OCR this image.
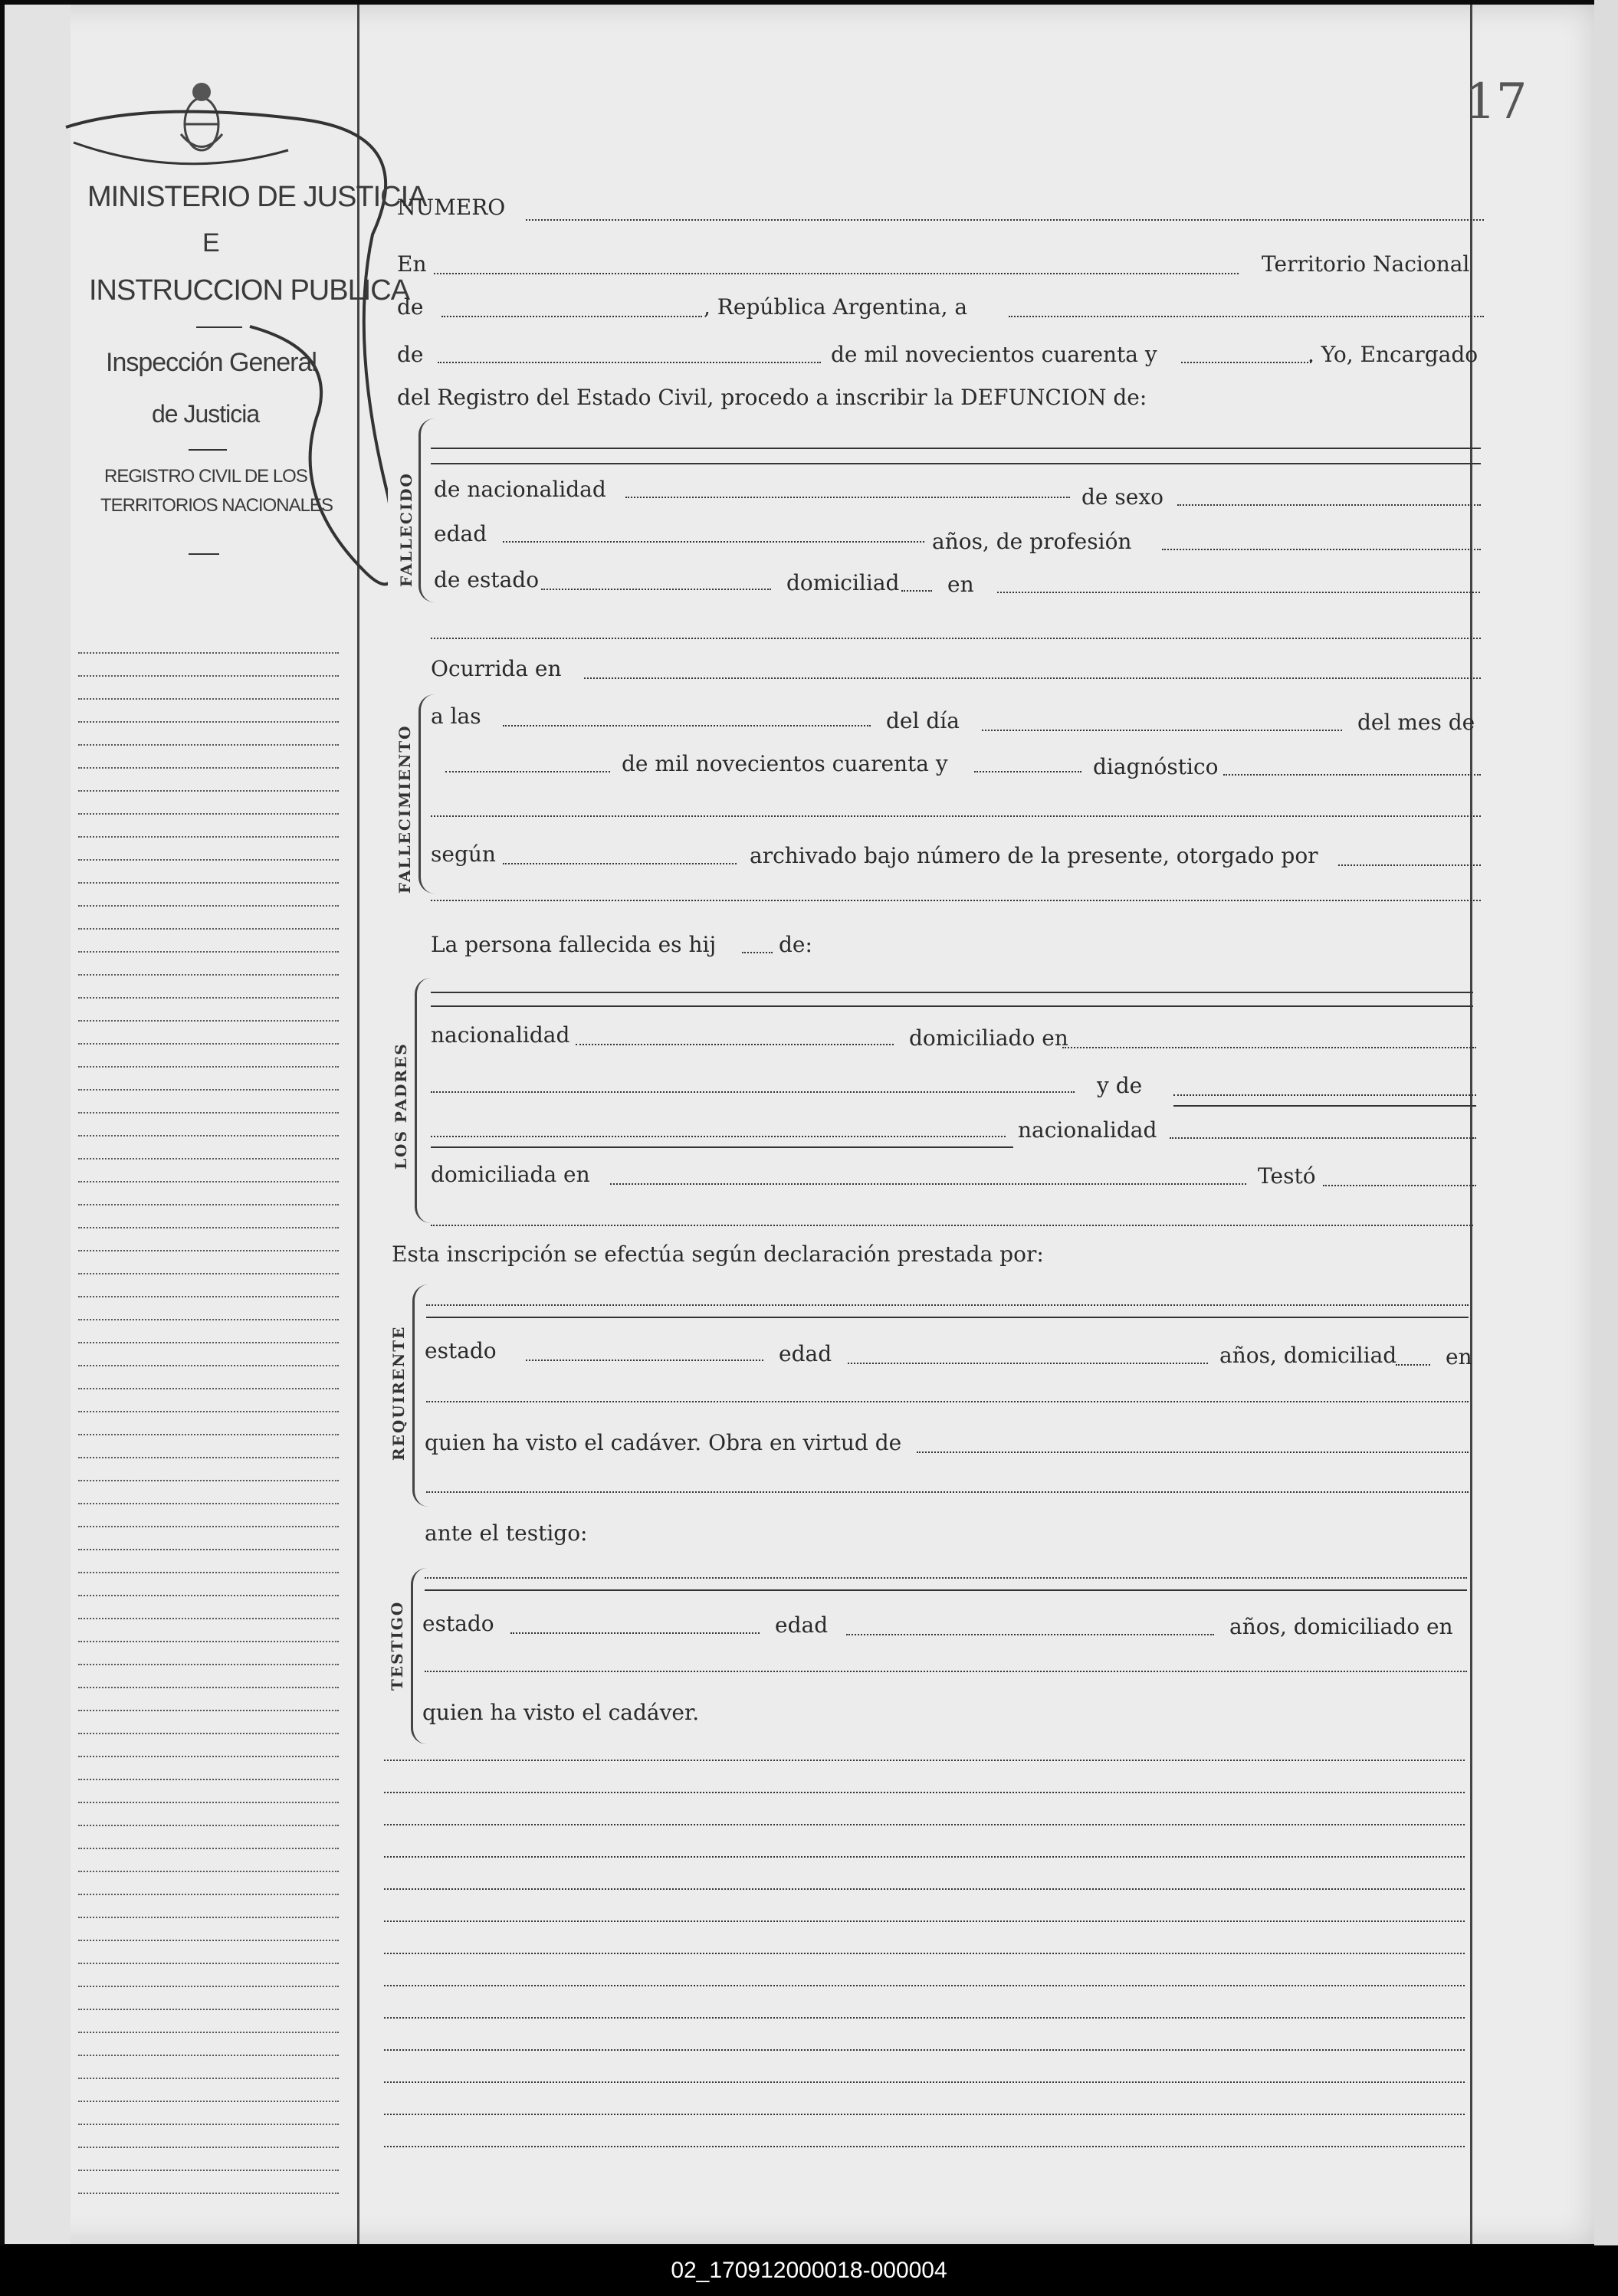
17
MINISTERIO DE JUSTICIA
E
INSTRUCCION PUBLICA
Inspección General
de Justicia
REGISTRO CIVIL DE LOS
TERRITORIOS NACIONALES
NUMERO
En	Territorio Nacional
de	, República Argentina, a
de	de mil novecientos cuarenta y	. Yo, Encargado
del Registro del Estado Civil, procedo a inscribir la DEFUNCION de:
FALLECIDO de nacionalidad	de sexo
edad	años, de profesión
de estado	domiciliad en
Ocurrida en
FALLECIMIENTO
a las	del día	del mes de
de mil novecientos cuarenta y	diagnóstico
según	archivado bajo número de la presente, otorgado por
La persona fallecida es hij	de:
LOS PADRES
nacionalidad	domiciliado en
y de
nacionalidad
domiciliada en	Testó
Esta inscripción se efectúa según declaración prestada por:
REQUIRENTE estado	edad	años, domiciliad en
quien ha visto el cadáver. Obra en virtud de
ante el testigo:
TESTIGO estado	edad	años, domiciliado en
quien ha visto el cadáver.
02_170912000018-000004
